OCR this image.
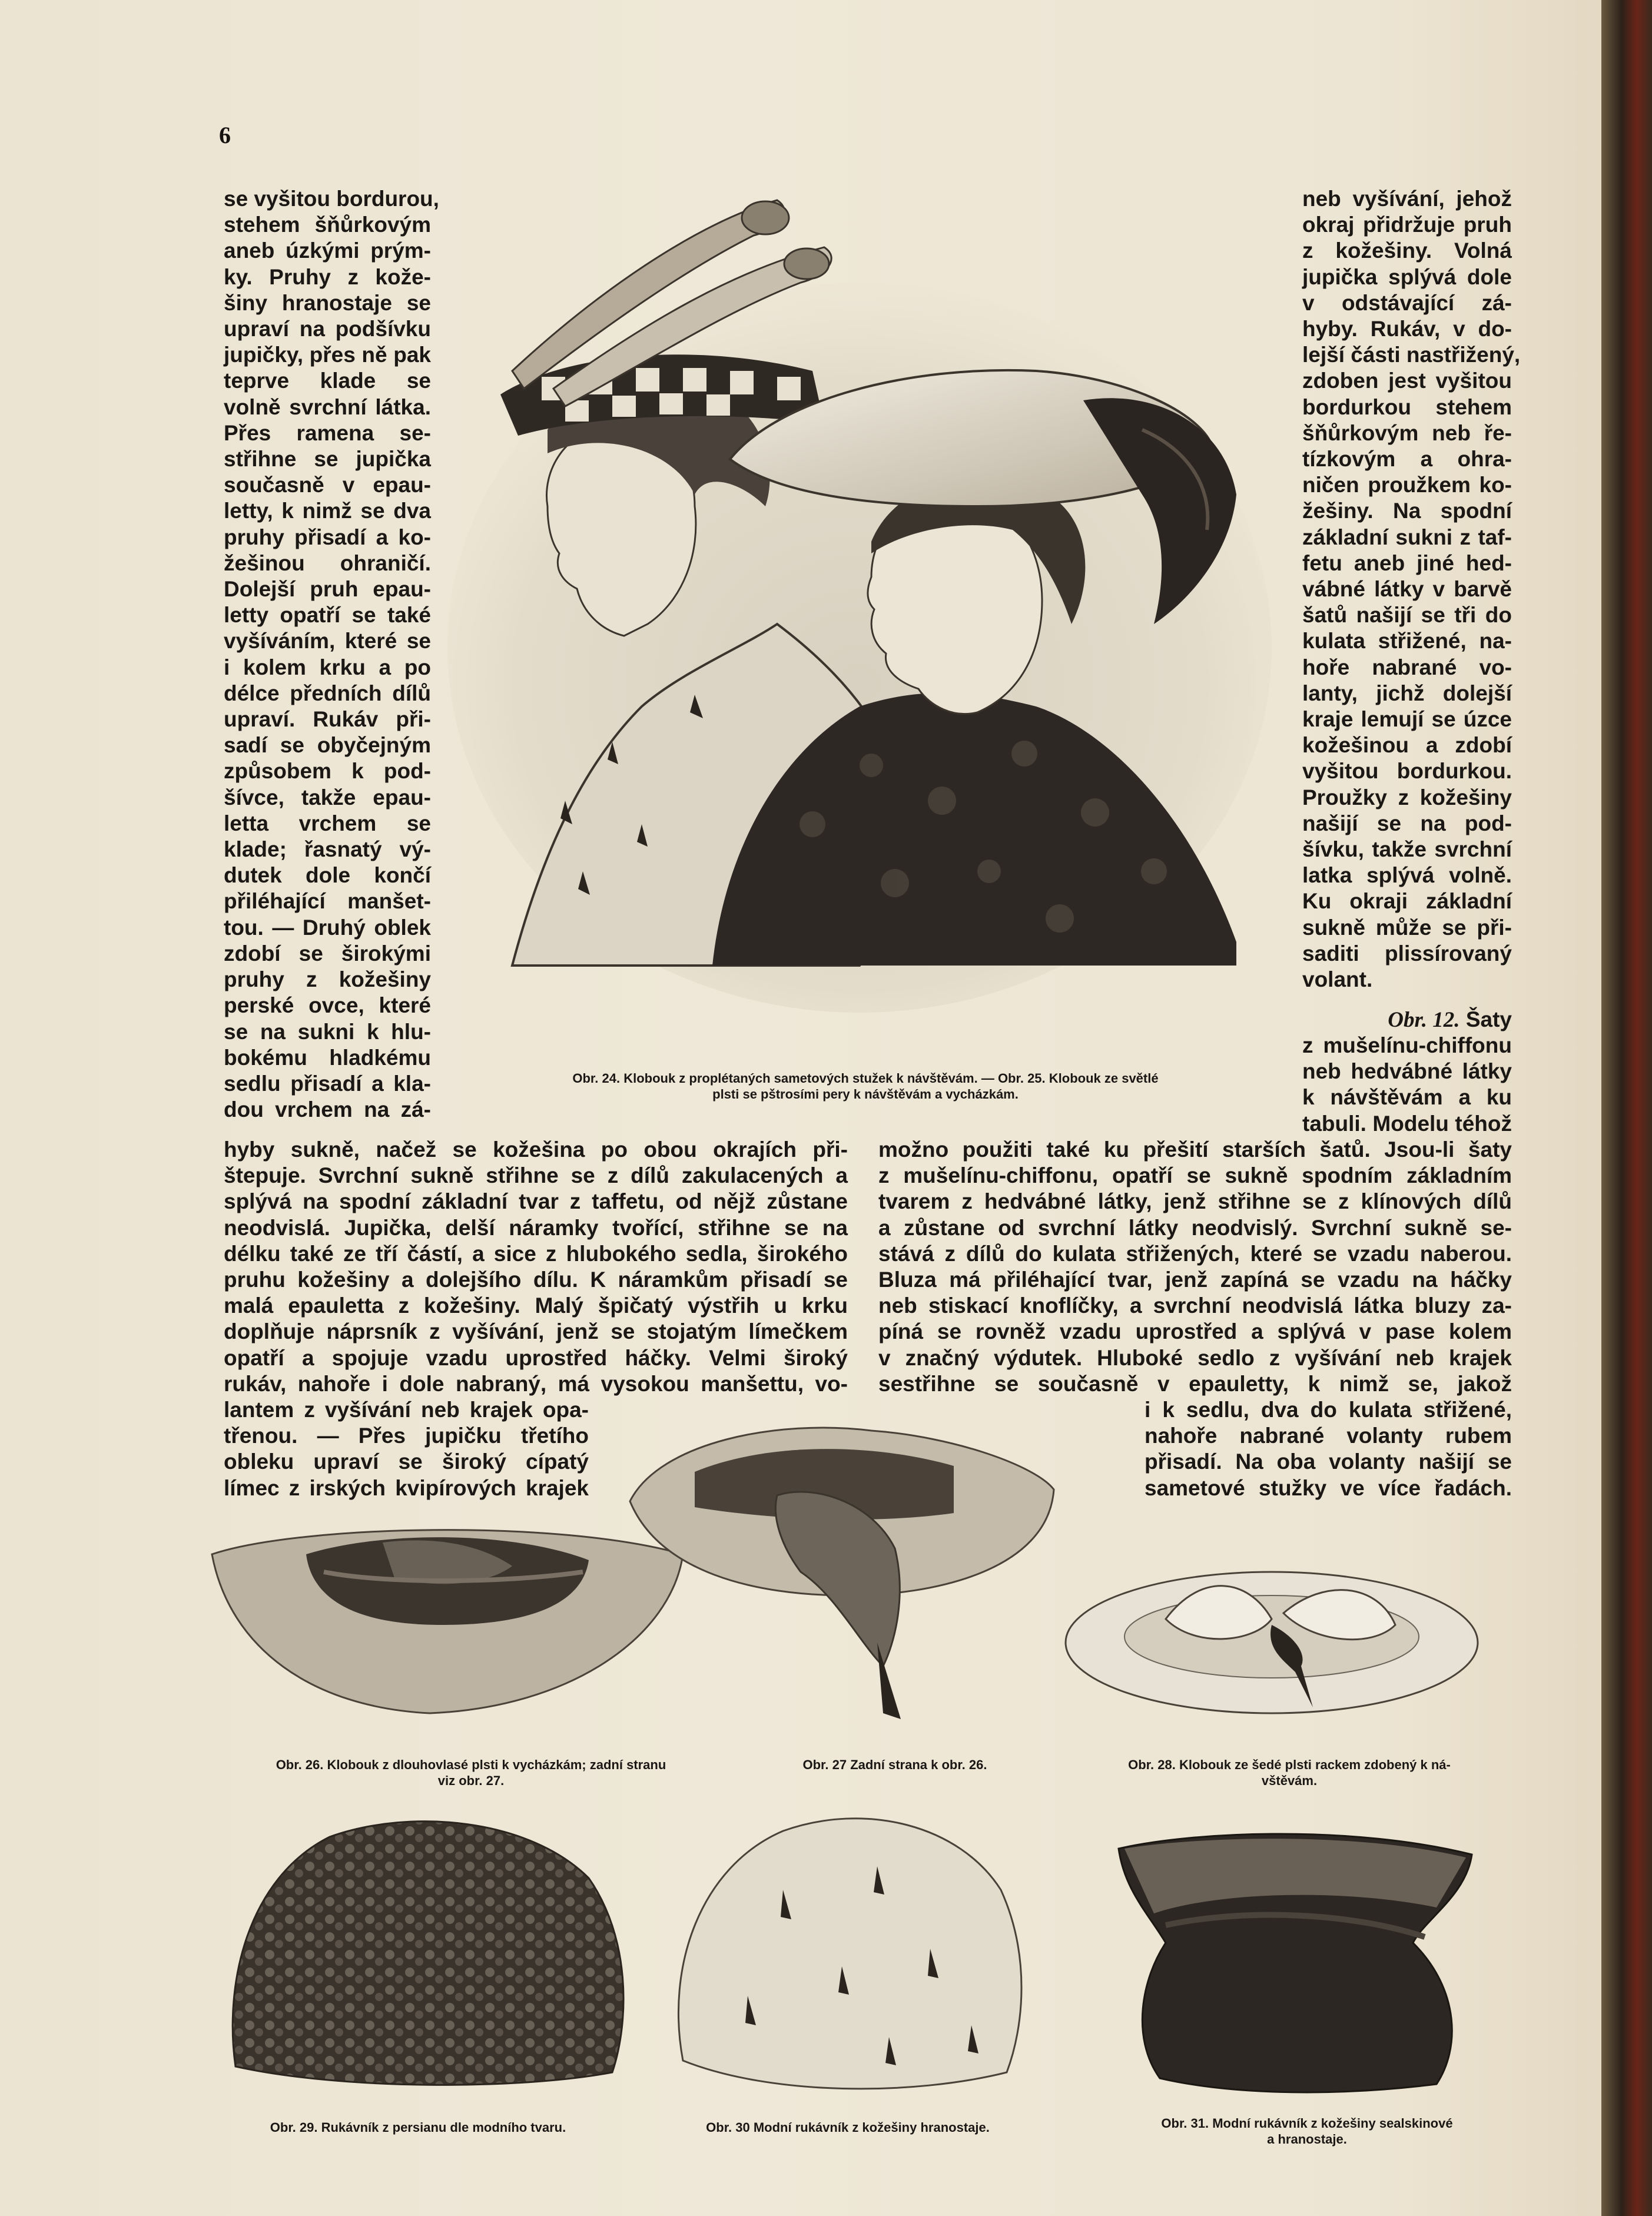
6
se vyšitou bordurou,
stehem šňůrkovým
aneb úzkými prým-
ky. Pruhy z kože-
šiny hranostaje se
upraví na podšívku
jupičky, přes ně pak
teprve klade se
volně svrchní látka.
Přes ramena se-
střihne se jupička
současně v epau-
letty, k nimž se dva
pruhy přisadí a ko-
žešinou ohraničí.
Dolejší pruh epau-
letty opatří se také
vyšíváním, které se
i kolem krku a po
délce předních dílů
upraví. Rukáv při-
sadí se obyčejným
způsobem k pod-
šívce, takže epau-
letta vrchem se
klade; řasnatý vý-
dutek dole končí
přiléhající manšet-
tou. — Druhý oblek
zdobí se širokými
pruhy z kožešiny
perské ovce, které
se na sukni k hlu-
bokému hladkému
sedlu přisadí a kla-
dou vrchem na zá-
neb vyšívání, jehož
okraj přidržuje pruh
z kožešiny. Volná
jupička splývá dole
v odstávající zá-
hyby. Rukáv, v do-
lejší části nastřižený,
zdoben jest vyšitou
bordurkou stehem
šňůrkovým neb ře-
tízkovým a ohra-
ničen proužkem ko-
žešiny. Na spodní
základní sukni z taf-
fetu aneb jiné hed-
vábné látky v barvě
šatů našijí se tři do
kulata střižené, na-
hoře nabrané vo-
lanty, jichž dolejší
kraje lemují se úzce
kožešinou a zdobí
vyšitou bordurkou.
Proužky z kožešiny
našijí se na pod-
šívku, takže svrchní
latka splývá volně.
Ku okraji základní
sukně může se při-
saditi plissírovaný
volant.
Obr. 12. Šaty
z mušelínu-chiffonu
neb hedvábné látky
k návštěvám a ku
tabuli. Modelu téhož
hyby sukně, načež se kožešina po obou okrajích při-
štepuje. Svrchní sukně střihne se z dílů zakulacených a
splývá na spodní základní tvar z taffetu, od nějž zůstane
neodvislá. Jupička, delší náramky tvořící, střihne se na
délku také ze tří částí, a sice z hlubokého sedla, širokého
pruhu kožešiny a dolejšího dílu. K náramkům přisadí se
malá epauletta z kožešiny. Malý špičatý výstřih u krku
doplňuje náprsník z vyšívání, jenž se stojatým límečkem
opatří a spojuje vzadu uprostřed háčky. Velmi široký
rukáv, nahoře i dole nabraný, má vysokou manšettu, vo-
možno použiti také ku přešití starších šatů. Jsou-li šaty
z mušelínu-chiffonu, opatří se sukně spodním základním
tvarem z hedvábné látky, jenž střihne se z klínových dílů
a zůstane od svrchní látky neodvislý. Svrchní sukně se-
stává z dílů do kulata střižených, které se vzadu naberou.
Bluza má přiléhající tvar, jenž zapíná se vzadu na háčky
neb stiskací knoflíčky, a svrchní neodvislá látka bluzy za-
píná se rovněž vzadu uprostřed a splývá v pase kolem
v značný výdutek. Hluboké sedlo z vyšívání neb krajek
sestřihne se současně v epauletty, k nimž se, jakož
lantem z vyšívání neb krajek opa-
třenou. — Přes jupičku třetího
obleku upraví se široký cípatý
límec z irských kvipírových krajek
i k sedlu, dva do kulata střižené,
nahoře nabrané volanty rubem
přisadí. Na oba volanty našijí se
sametové stužky ve více řadách.
Obr. 24. Klobouk z proplétaných sametových stužek k návštěvám. — Obr. 25. Klobouk ze světlé
plsti se pštrosími pery k návštěvám a vycházkám.
Obr. 26. Klobouk z dlouhovlasé plsti k vycházkám; zadní stranu
viz obr. 27.
Obr. 27 Zadní strana k obr. 26.	Obr. 28. Klobouk ze šedé plsti rackem zdobený k ná-
vštěvám.
Obr. 29. Rukávník z persianu dle modního tvaru.	Obr. 30 Modní rukávník z kožešiny hranostaje.	Obr. 31. Modní rukávník z kožešiny sealskinové
a hranostaje.
